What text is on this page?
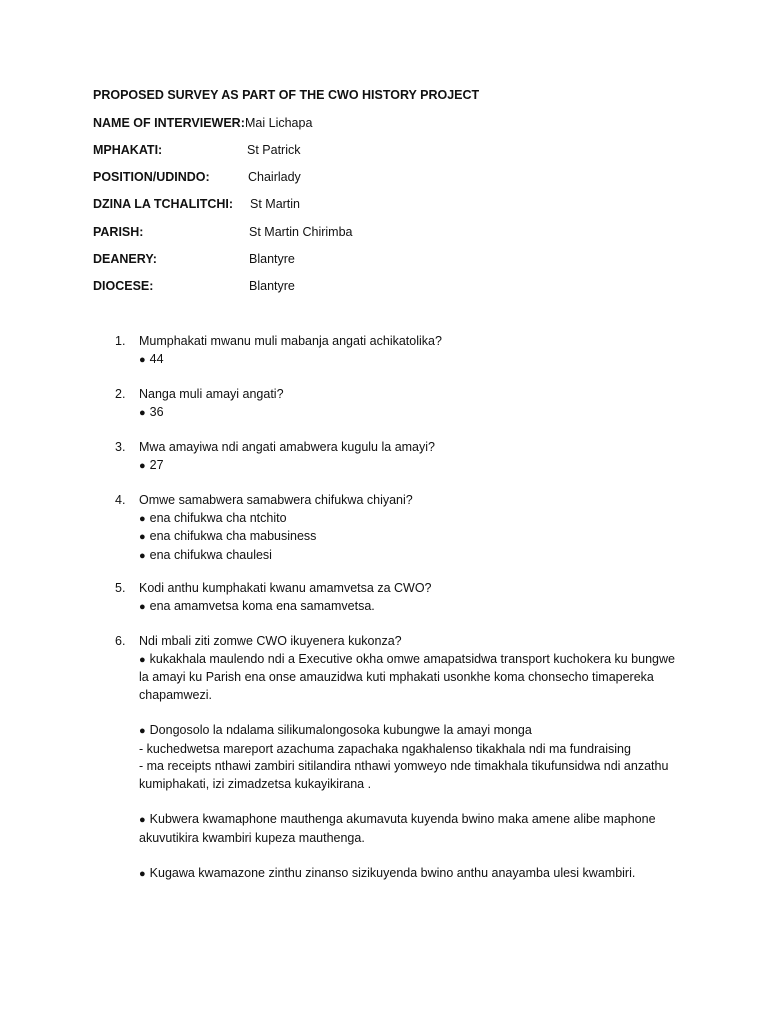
PROPOSED SURVEY AS PART OF THE CWO HISTORY PROJECT
NAME OF INTERVIEWER: Mai Lichapa
MPHAKATI:	St Patrick
POSITION/UDINDO:	Chairlady
DZINA LA TCHALITCHI: St Martin
PARISH:	St Martin Chirimba
DEANERY:	Blantyre
DIOCESE:	Blantyre
1.	Mumphakati mwanu muli mabanja angati achikatolika?
● 44
2.	Nanga muli amayi angati?
● 36
3.	Mwa amayiwa ndi angati amabwera kugulu la amayi?
● 27
4.	Omwe samabwera samabwera chifukwa chiyani?
● ena chifukwa cha ntchito
● ena chifukwa cha mabusiness
● ena chifukwa chaulesi
5.	Kodi anthu kumphakati kwanu amamvetsa za CWO?
● ena amamvetsa koma ena samamvetsa.
6.	Ndi mbali ziti zomwe CWO ikuyenera kukonza?
● kukakhala maulendo ndi a Executive okha omwe amapatsidwa transport kuchokera ku bungwe la amayi ku Parish ena onse amauzidwa kuti mphakati usonkhe koma chonsecho timapereka chapamwezi.
● Dongosolo la ndalama silikumalongosoka kubungwe la amayi monga
- kuchedwetsa mareport azachuma zapachaka ngakhalenso tikakhala ndi ma fundraising
- ma receipts nthawi zambiri sitilandira nthawi yomweyo nde timakhala tikufunsidwa ndi anzathu kumiphakati, izi zimadzetsa kukayikirana .
● Kubwera kwamaphone mauthenga akumavuta kuyenda bwino maka amene alibe maphone akuvutikira kwambiri kupeza mauthenga.
● Kugawa kwamazone zinthu zinanso sizikuyenda bwino anthu anayamba ulesi kwambiri.
